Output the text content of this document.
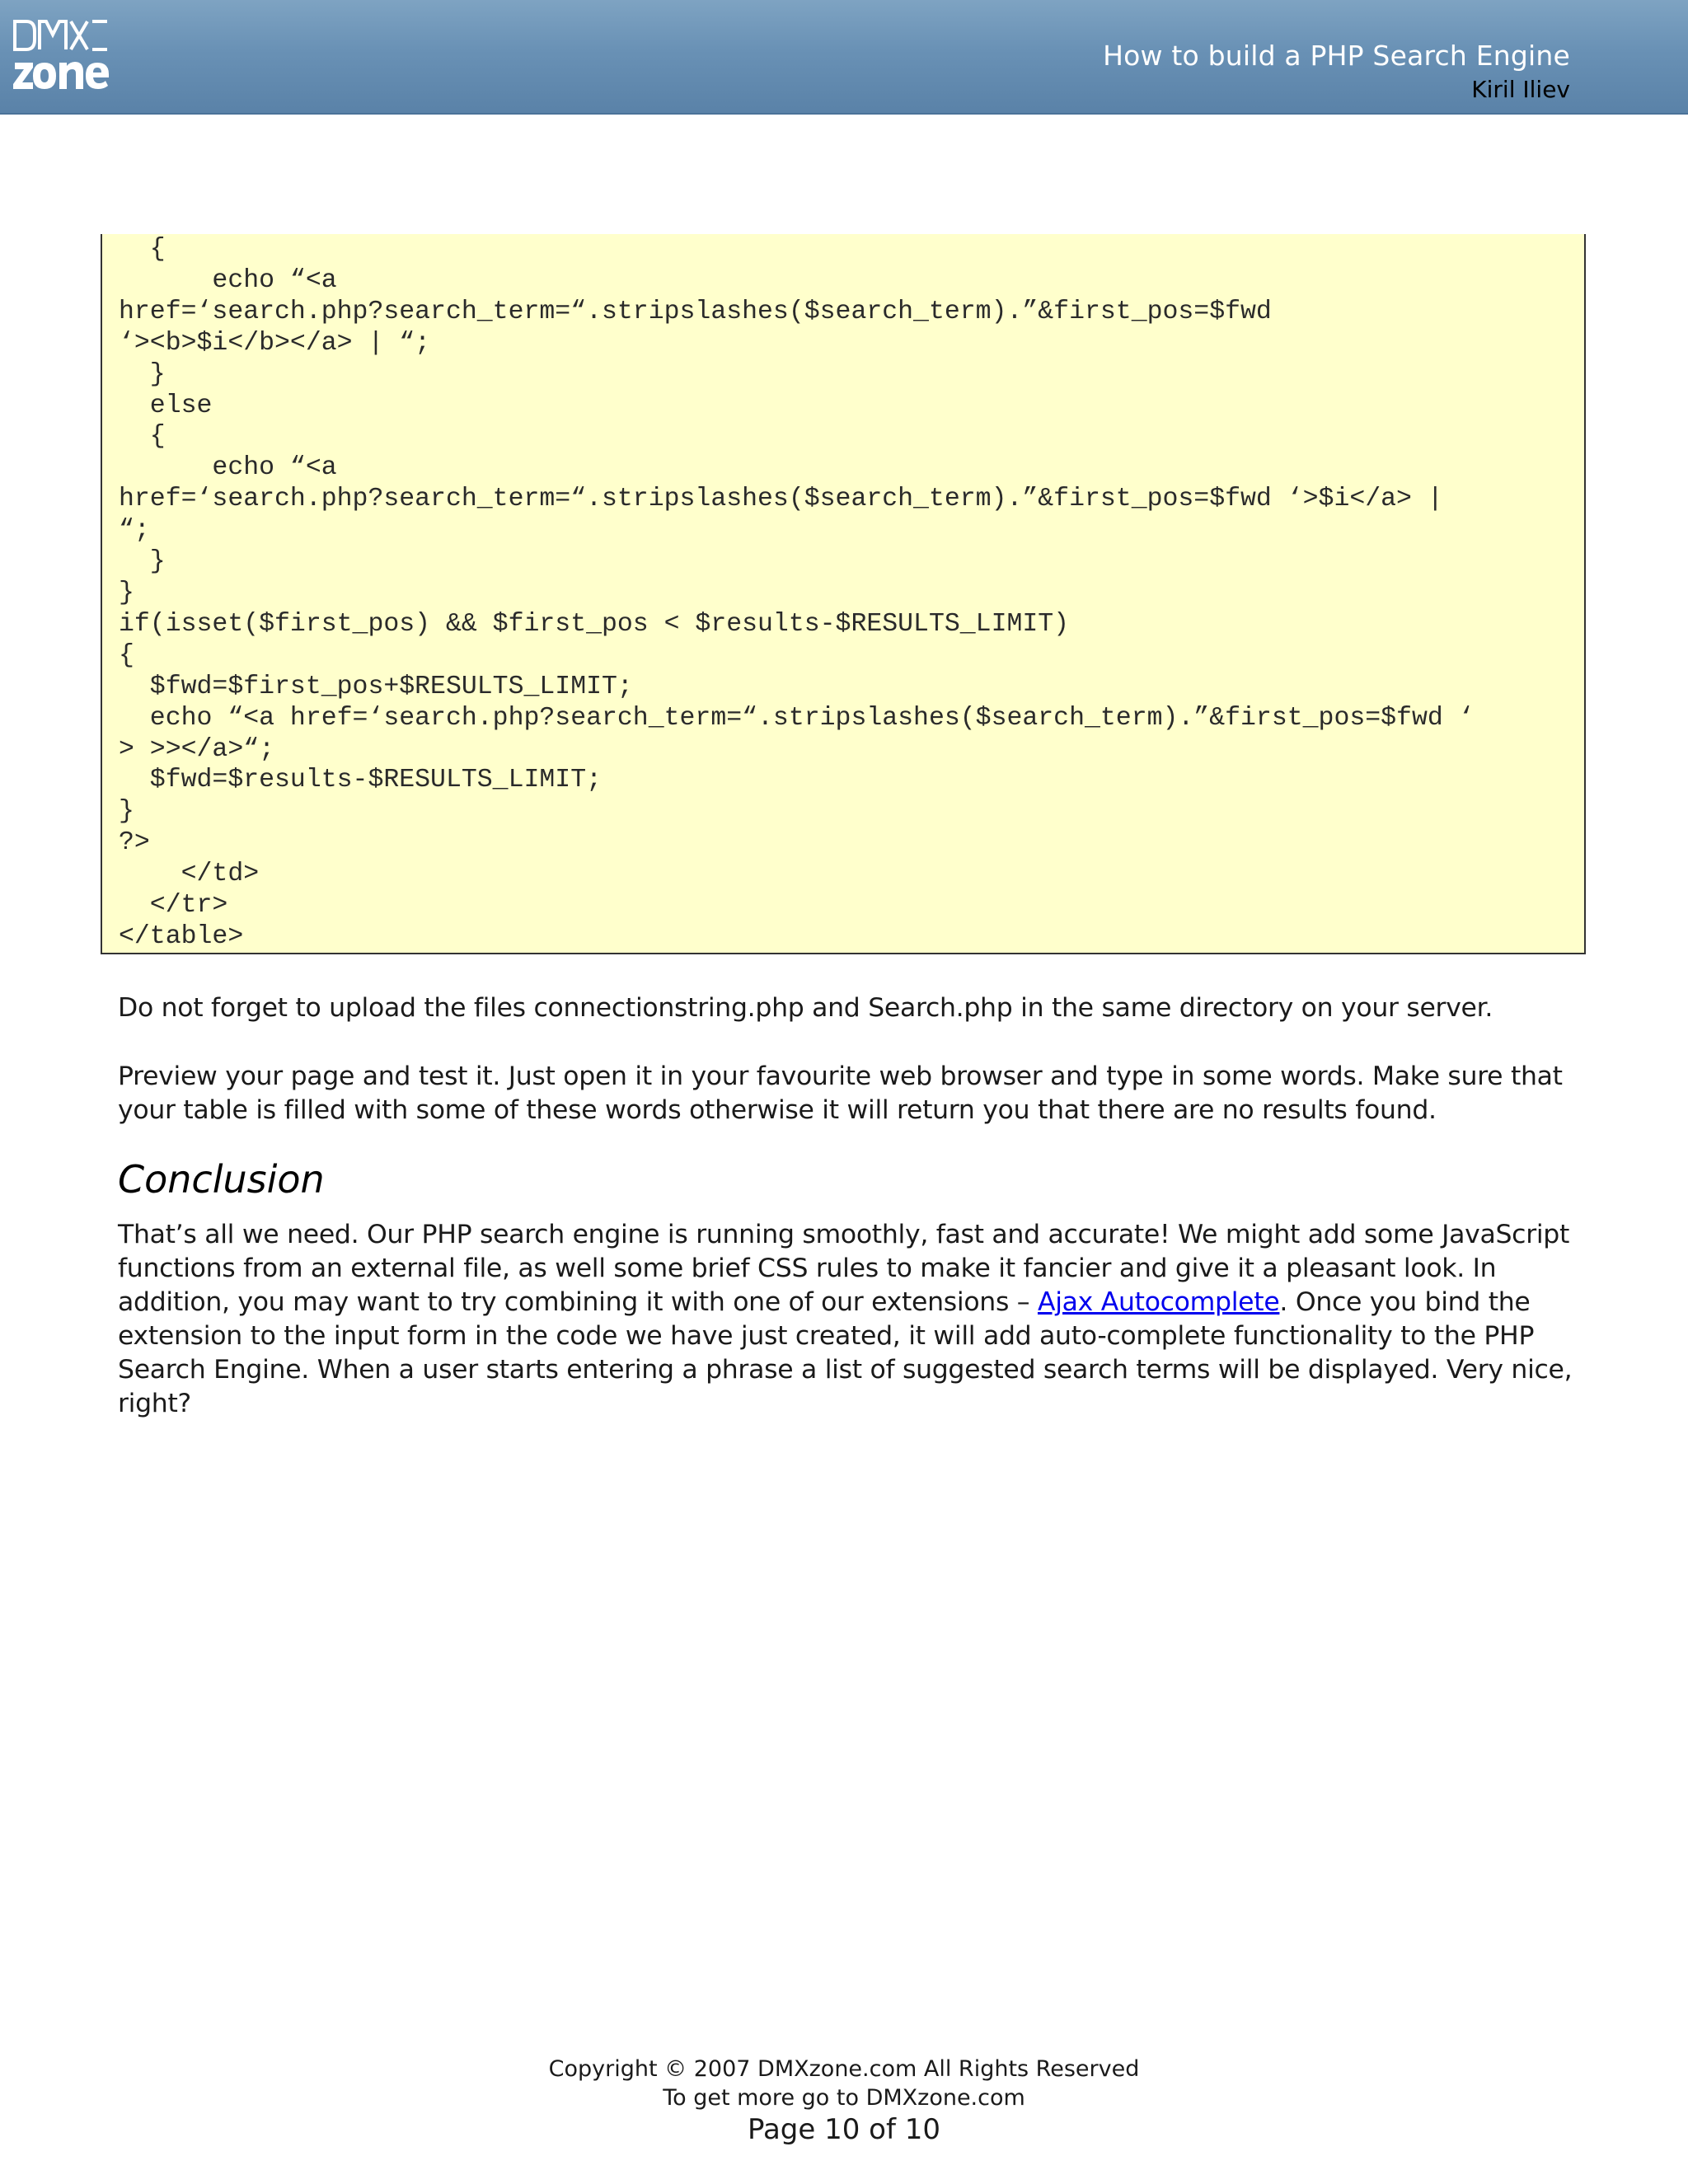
How to build a PHP Search Engine
Kiril Iliev
{
echo “<a
href=‘search.php?search_term=“.stripslashes($search_term).”&first_pos=$fwd
‘><b>$i</b></a> | “;
}
else
{
echo “<a
href=‘search.php?search_term=“.stripslashes($search_term).”&first_pos=$fwd ‘>$i</a> |
“;
}
}
if(isset($first_pos) && $first_pos < $results-$RESULTS_LIMIT)
{
$fwd=$first_pos+$RESULTS_LIMIT;
echo “<a href=‘search.php?search_term=“.stripslashes($search_term).”&first_pos=$fwd ‘
> >></a>“;
$fwd=$results-$RESULTS_LIMIT;
}
?>
</td>
</tr>
</table>

Do not forget to upload the files connectionstring.php and Search.php in the same directory on your server.

Preview your page and test it. Just open it in your favourite web browser and type in some words. Make sure that your table is filled with some of these words otherwise it will return you that there are no results found.

Conclusion

That’s all we need. Our PHP search engine is running smoothly, fast and accurate! We might add some JavaScript functions from an external file, as well some brief CSS rules to make it fancier and give it a pleasant look. In addition, you may want to try combining it with one of our extensions – Ajax Autocomplete. Once you bind the extension to the input form in the code we have just created, it will add auto-complete functionality to the PHP Search Engine. When a user starts entering a phrase a list of suggested search terms will be displayed. Very nice, right?

Copyright © 2007 DMXzone.com All Rights Reserved
To get more go to DMXzone.com
Page 10 of 10
